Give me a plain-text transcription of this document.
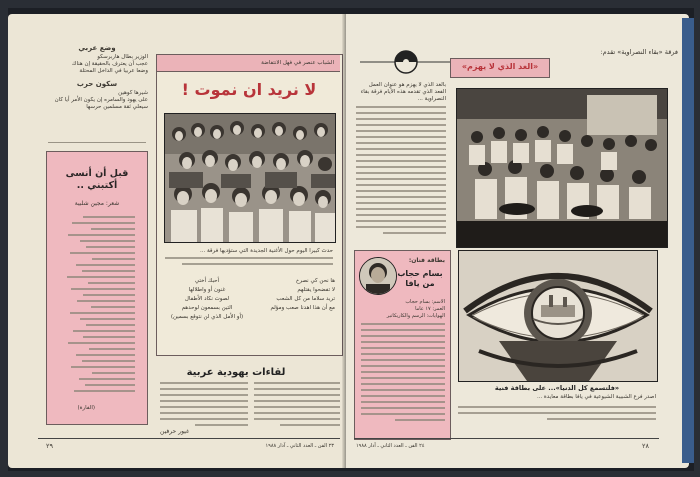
وضع عربي
الوزير بطال هاربرسكو
عجب أن يعترف بالحقيقة إن هناك
وضعا عربيا في الداخل المحتلة
سكون حرب
شيرها كوهين
على يهود والسامره إن يكون الأمر أيا كان
سيعلي ثقة مسلمين حرسها
قبل أن أنسى
أكتبني ..
شعر: مجين شلبية
(الفارة)
الشباب عنصر في فهل الانتفاضة
لا نريد ان نموت !
حدث كبيرا اليوم حول الأغنية الجديدة التي ستؤديها فرقة ...
ها نحن كي نصرخ
لا تفضحوا يقتلهم
تريد سلاما من كل الشعب
مع أن هذا اهدنا صعب ومؤلم
أحبك أختي
غنون أو واطلالها
لصوت نكاد الأطفال
التين بسمعون لوحدهم
(أو الأمل الذي لن نتوقع بسمين)
لقاءات يهودية عربية
غيور حرفين
٢٩	٢٣ الفن ـ العدد الثاني ـ آذار ١٩٨٨
فرقة «بقاء النصراوية» تقدم:
«الغد الذي لا يهزم»
بالغد الذي لا يهزم هو عنوان العمل الفعد الذي تقدمه هذه الأيام فرقة بقاء النصراوية ...
بطاقة فنان:
بسام حجاب
من يافا
الاسم: بسام حجاب
العمر: ١٧ عاما
الهوايات: الرسم والكاريكاتير
«فلتسمع كل الدنيا»... على بطاقة فنية
اصدر فرع الشبيبة الشيوعية في يافا بطاقة معايدة ...
٢٤ الفن ـ العدد الثاني ـ آذار ١٩٨٨	٢٨
